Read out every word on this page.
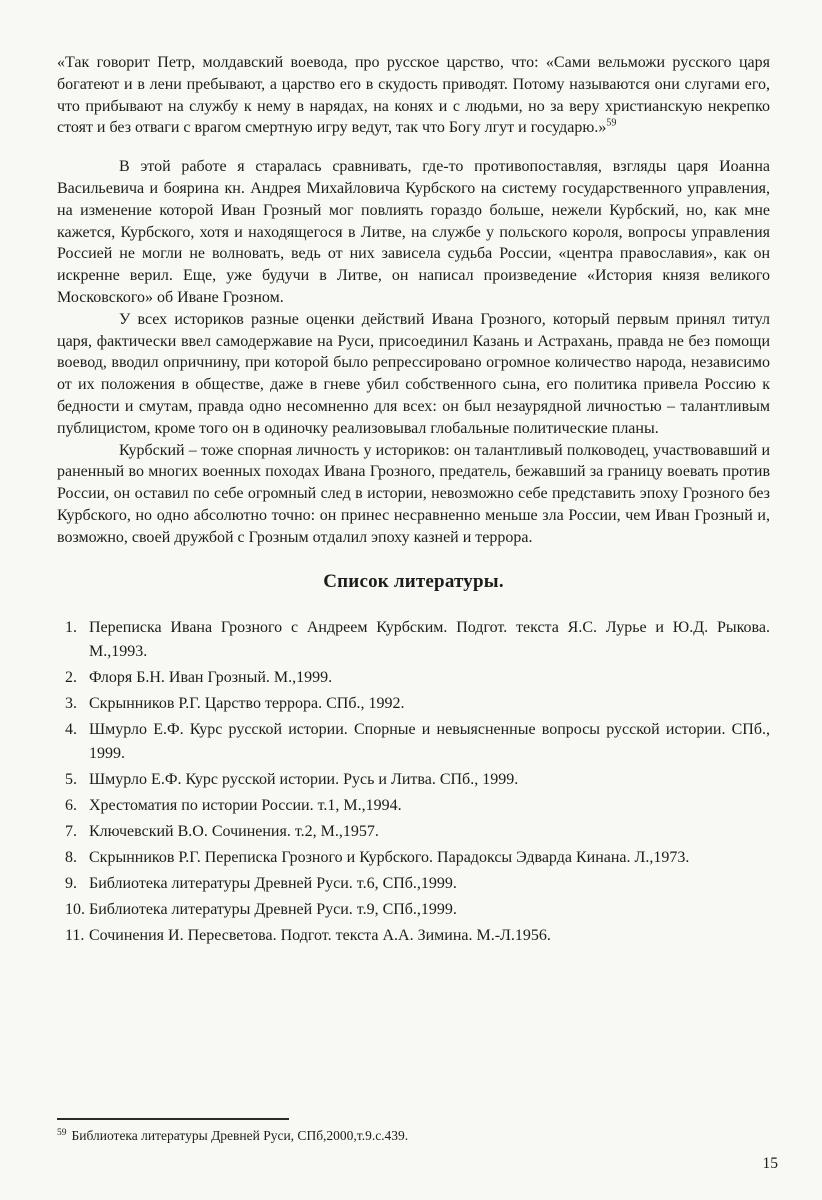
«Так говорит Петр, молдавский воевода, про русское царство, что: «Сами вельможи русского царя богатеют и в лени пребывают, а царство его в скудость приводят. Потому называются они слугами его, что прибывают на службу к нему в нарядах, на конях и с людьми, но за веру христианскую некрепко стоят и без отваги с врагом смертную игру ведут, так что Богу лгут и государю.»$^{59}$

В этой работе я старалась сравнивать, где-то противопоставляя, взгляды царя Иоанна Васильевича и боярина кн. Андрея Михайловича Курбского на систему государственного управления, на изменение которой Иван Грозный мог повлиять гораздо больше, нежели Курбский, но, как мне кажется, Курбского, хотя и находящегося в Литве, на службе у польского короля, вопросы управления Россией не могли не волновать, ведь от них зависела судьба России, «центра православия», как он искренне верил. Еще, уже будучи в Литве, он написал произведение «История князя великого Московского» об Иване Грозном.

У всех историков разные оценки действий Ивана Грозного, который первым принял титул царя, фактически ввел самодержавие на Руси, присоединил Казань и Астрахань, правда не без помощи воевод, вводил опричнину, при которой было репрессировано огромное количество народа, независимо от их положения в обществе, даже в гневе убил собственного сына, его политика привела Россию к бедности и смутам, правда одно несомненно для всех: он был незаурядной личностью – талантливым публицистом, кроме того он в одиночку реализовывал глобальные политические планы.

Курбский – тоже спорная личность у историков: он талантливый полководец, участвовавший и раненный во многих военных походах Ивана Грозного, предатель, бежавший за границу воевать против России, он оставил по себе огромный след в истории, невозможно себе представить эпоху Грозного без Курбского, но одно абсолютно точно: он принес несравненно меньше зла России, чем Иван Грозный и, возможно, своей дружбой с Грозным отдалил эпоху казней и террора.

Список литературы.
1. Переписка Ивана Грозного с Андреем Курбским. Подгот. текста Я.С. Лурье и Ю.Д. Рыкова. М.,1993.
2. Флоря Б.Н. Иван Грозный. М.,1999.
3. Скрынников Р.Г. Царство террора. СПб., 1992.
4. Шмурло Е.Ф. Курс русской истории. Спорные и невыясненные вопросы русской истории. СПб., 1999.
5. Шмурло Е.Ф. Курс русской истории. Русь и Литва. СПб., 1999.
6. Хрестоматия по истории России. т.1, М.,1994.
7. Ключевский В.О. Сочинения. т.2, М.,1957.
8. Скрынников Р.Г. Переписка Грозного и Курбского. Парадоксы Эдварда Кинана. Л.,1973.
9. Библиотека литературы Древней Руси. т.6, СПб.,1999.
10. Библиотека литературы Древней Руси. т.9, СПб.,1999.
11. Сочинения И. Пересветова. Подгот. текста А.А. Зимина. М.-Л.1956.

$^{59}$ Библиотека литературы Древней Руси, СПб,2000,т.9.с.439.

15
